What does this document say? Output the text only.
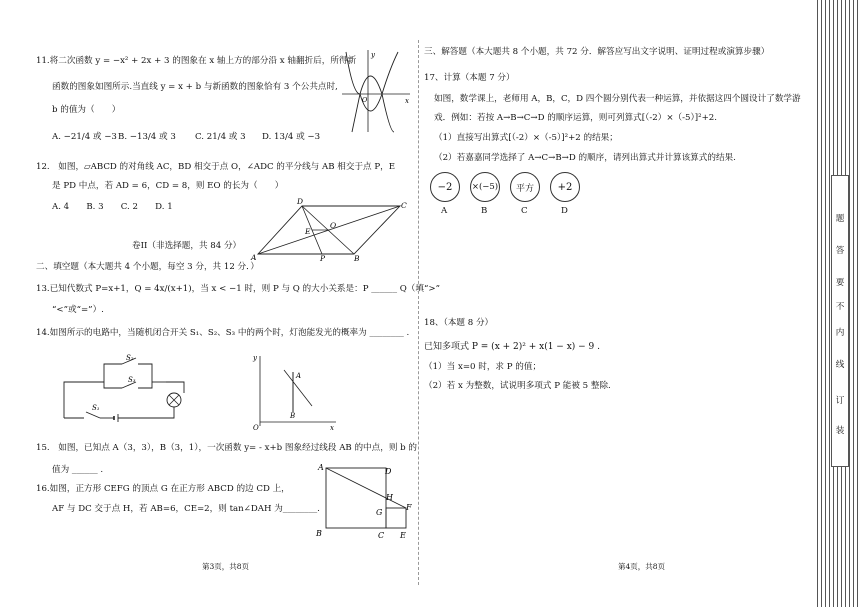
11.将二次函数 y = −x² + 2x + 3 的图象在 x 轴上方的部分沿 x 轴翻折后，所得新
函数的图象如图所示.当直线 y = x + b 与新函数的图象恰有 3 个公共点时,
b 的值为（　　）
A. −21/4 或 −3 B. −13/4 或 3 C. 21/4 或 3 D. 13/4 或 −3
y
x
O
12.　如图，▱ABCD 的对角线 AC，BD 相交于点 O，∠ADC 的平分线与 AB 相交于点 P，E
是 PD 中点，若 AD = 6，CD = 8，则 EO 的长为（　　）
A. 4　　B. 3　　C. 2　　D. 1
A	B
C
D
E
O
P
卷II（非选择题，共 84 分）
二、填空题（本大题共 4 个小题，每空 3 分，共 12 分．）
13.已知代数式 P=x+1，Q = 4x/(x+1)，当 x < −1 时，则 P 与 Q 的大小关系是：P ______ Q（填“>”
“<”或“=”）.
14.如图所示的电路中，当随机闭合开关 S₁、S₂、S₃ 中的两个时，灯泡能发光的概率为 ________ .
S₂
S₃
S₁
y
x
O
A
B
15.　如图，已知点 A（3，3），B（3，1），一次函数 y= - x+b 图象经过线段 AB 的中点，则 b 的
值为 ______ .
16.如图，正方形 CEFG 的顶点 G 在正方形 ABCD 的边 CD 上，
AF 与 DC 交于点 H，若 AB=6，CE=2，则 tan∠DAH 为________.
A	D
H
G
F
B	C E
第3页，共8页
三、解答题（本大题共 8 个小题，共 72 分．解答应写出文字说明、证明过程或演算步骤）
17、计算（本题 7 分）
如图，数学课上，老师用 A，B，C，D 四个圆分别代表一种运算，并依据这四个圆设计了数学游
戏．例如：若按 A→B→C→D 的顺序运算，则可列算式[（-2）×（-5）]²+2.
（1）直接写出算式[（-2）×（-5）]²+2 的结果；
（2）若嘉嘉同学选择了 A→C→B→D 的顺序，请列出算式并计算该算式的结果.
−2	×(−5)	平方	+2
A	B	C	D
18、（本题 8 分）
已知多项式 P = (x + 2)² + x(1 − x) − 9 .
（1）当 x=0 时，求 P 的值；
（2）若 x 为整数，试说明多项式 P 能被 5 整除.
第4页，共8页
题
答
要
不
内
线
订
装
